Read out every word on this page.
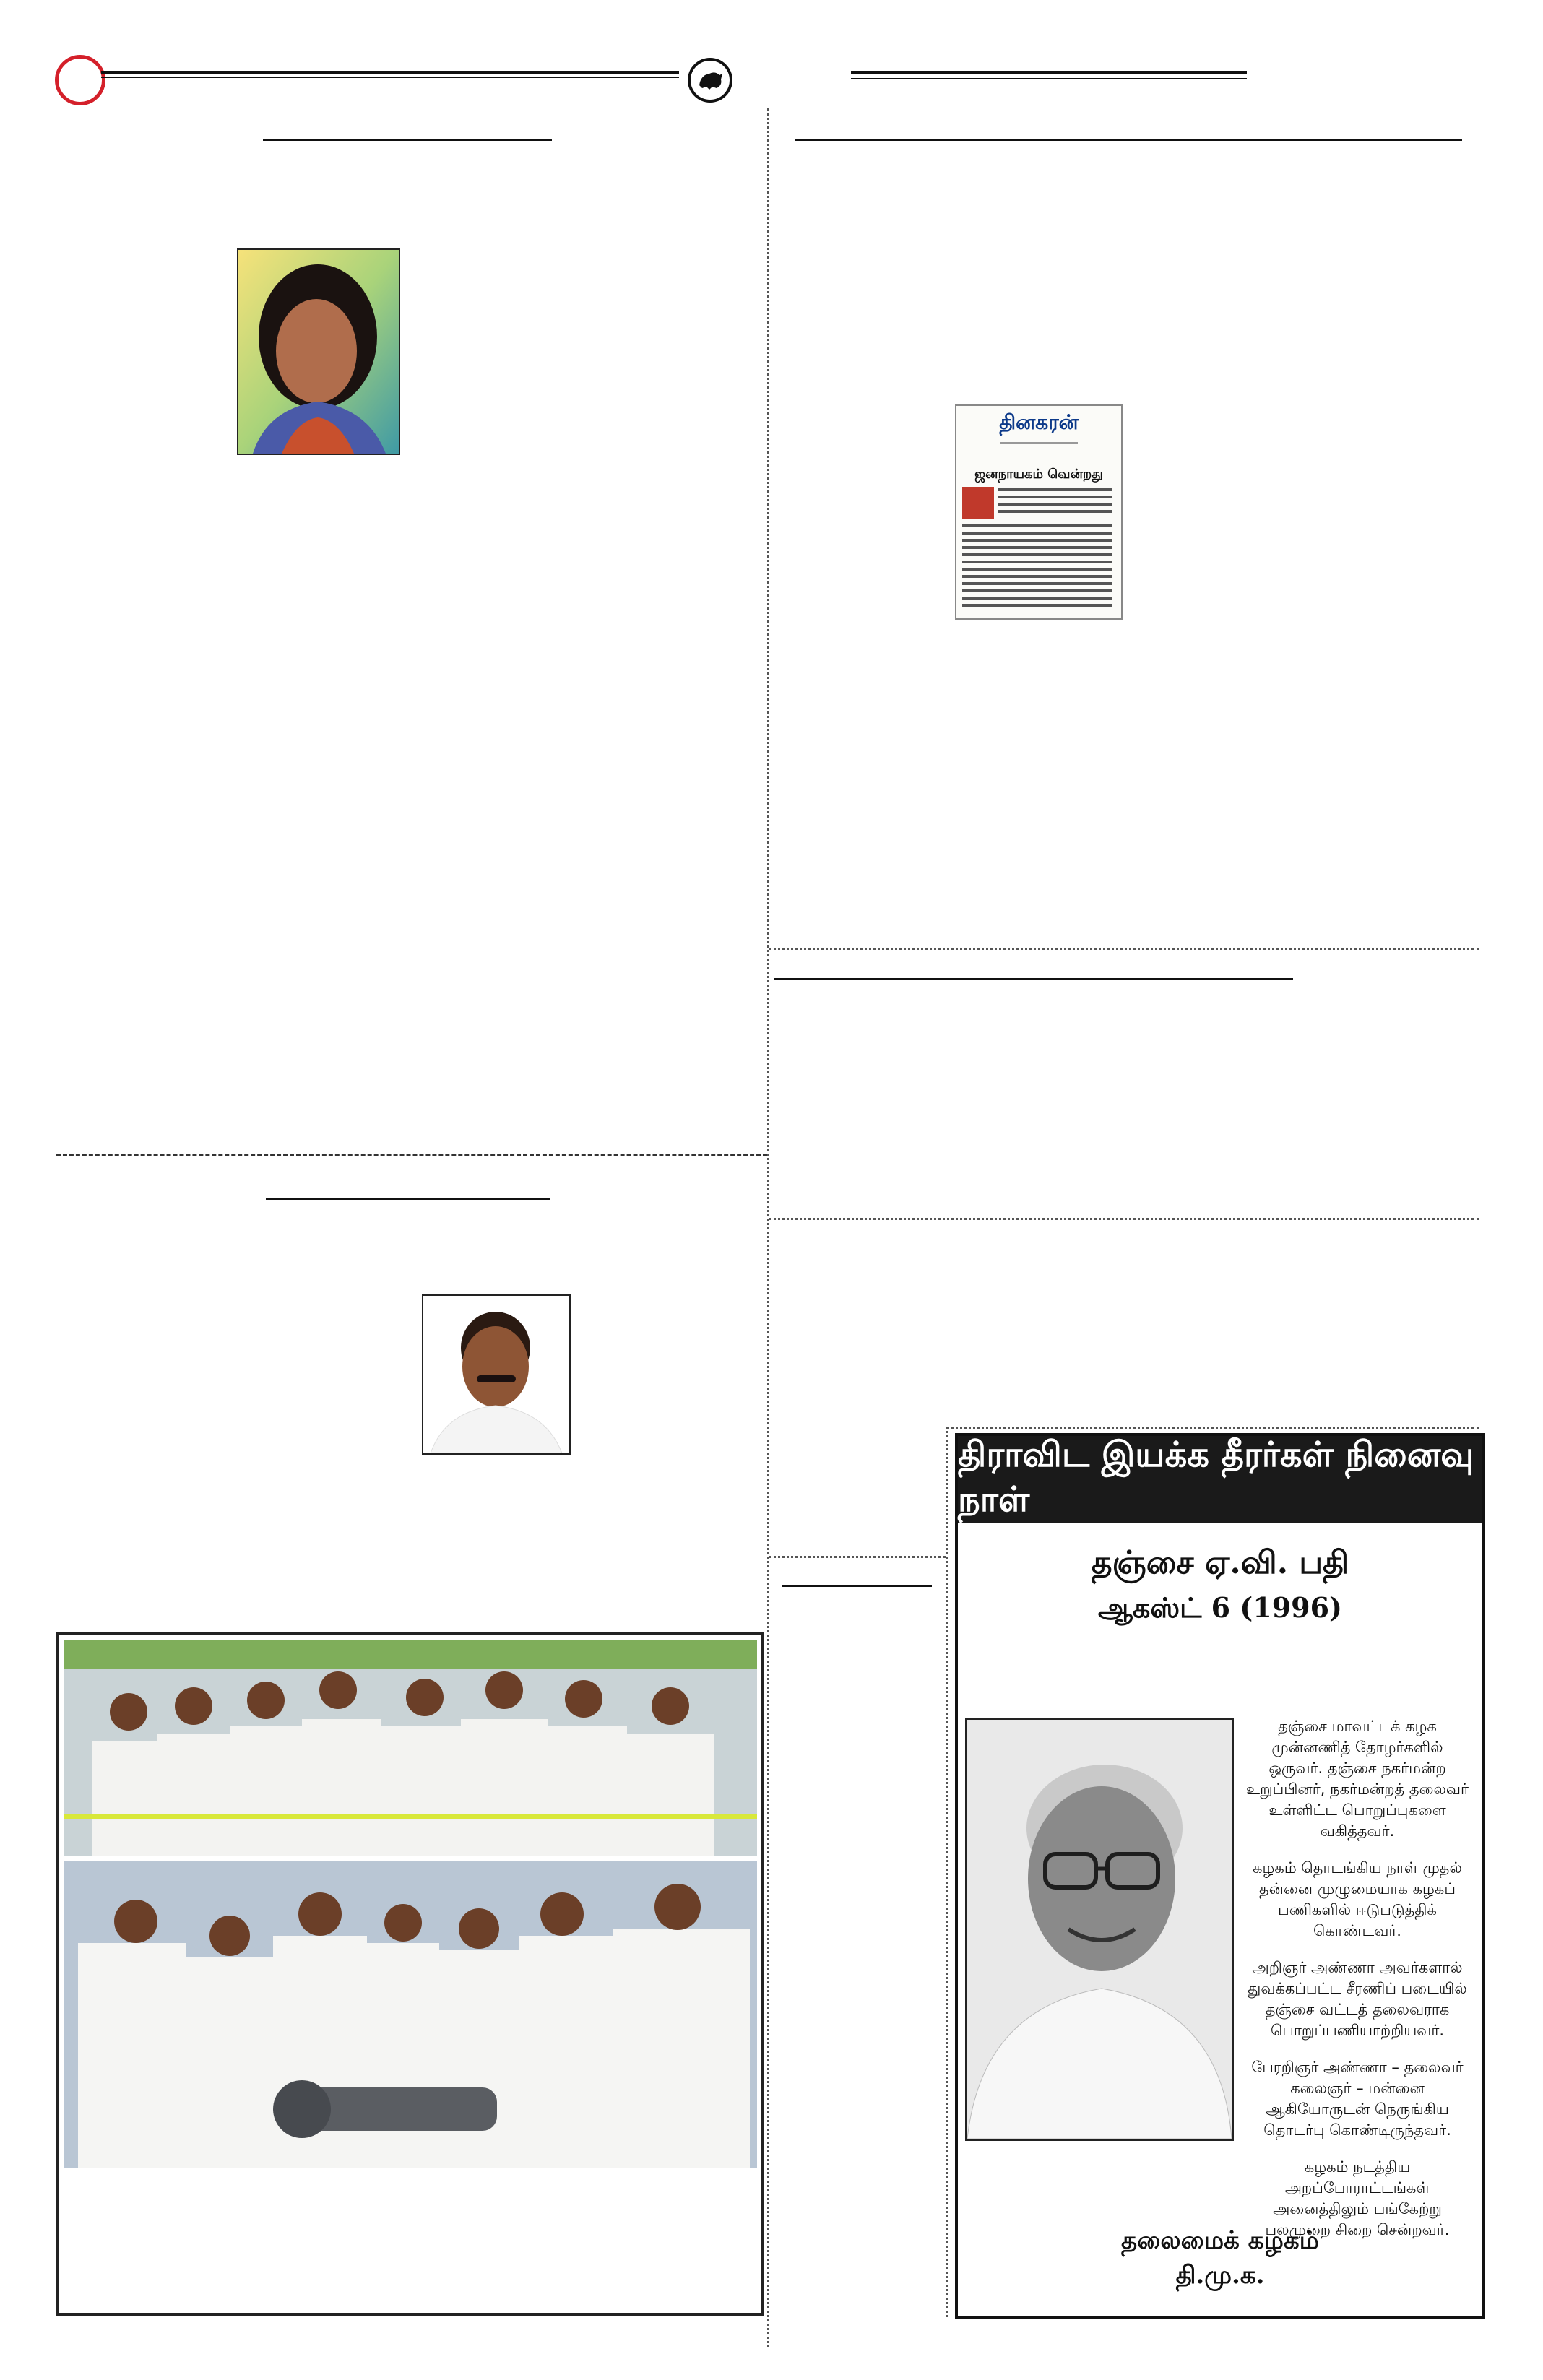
தினகரன்
ஜனநாயகம் வென்றது
திராவிட இயக்க தீரர்கள் நினைவு நாள்
தஞ்சை ஏ.வி. பதி
ஆகஸ்ட் 6 (1996)

தஞ்சை மாவட்டக் கழக முன்னணித் தோழர்களில் ஒருவர். தஞ்சை நகர்மன்ற உறுப்பினர், நகர்மன்றத் தலைவர் உள்ளிட்ட பொறுப்புகளை வகித்தவர்.

கழகம் தொடங்கிய நாள் முதல் தன்னை முழுமையாக கழகப் பணிகளில் ஈடுபடுத்திக் கொண்டவர்.

அறிஞர் அண்ணா அவர்களால் துவக்கப்பட்ட சீரணிப் படையில் தஞ்சை வட்டத் தலைவராக பொறுப்பணியாற்றியவர்.

பேரறிஞர் அண்ணா – தலைவர் கலைஞர் – மன்னை ஆகியோருடன் நெருங்கிய தொடர்பு கொண்டிருந்தவர்.

கழகம் நடத்திய அறப்போராட்டங்கள் அனைத்திலும் பங்கேற்று பலமுறை சிறை சென்றவர்.

தலைமைக் கழகம்
தி.மு.க.
